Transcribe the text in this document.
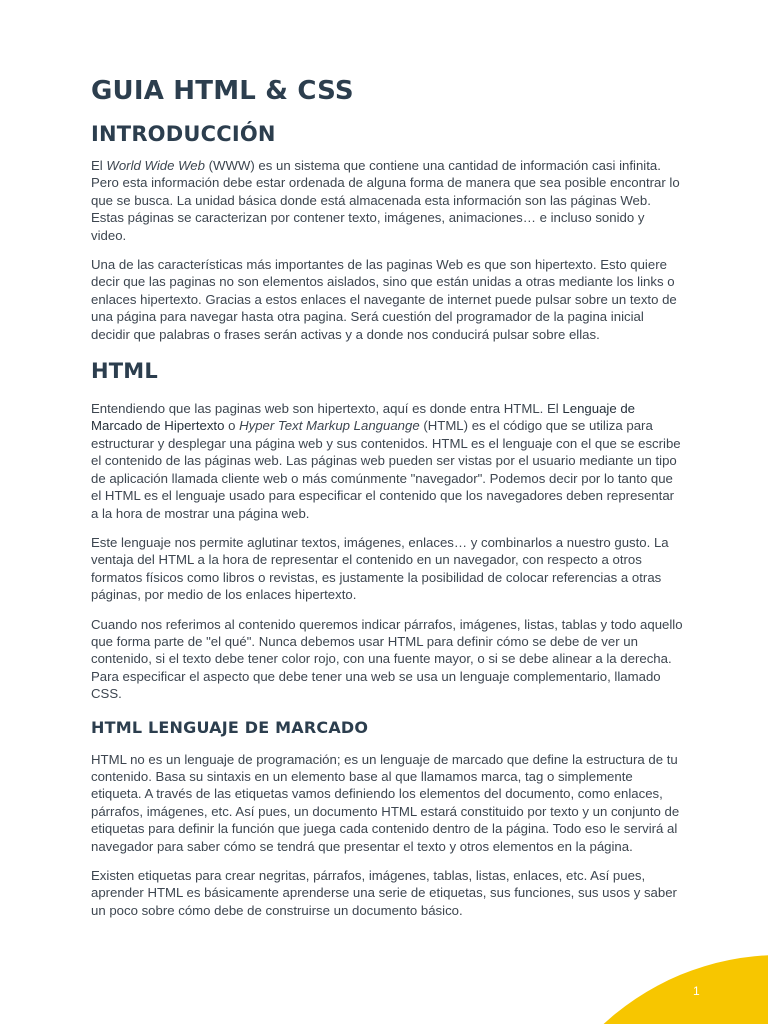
GUIA HTML & CSS
INTRODUCCIÓN

El World Wide Web (WWW) es un sistema que contiene una cantidad de información casi infinita. Pero esta información debe estar ordenada de alguna forma de manera que sea posible encontrar lo que se busca. La unidad básica donde está almacenada esta información son las páginas Web. Estas páginas se caracterizan por contener texto, imágenes, animaciones… e incluso sonido y video.

Una de las características más importantes de las paginas Web es que son hipertexto. Esto quiere decir que las paginas no son elementos aislados, sino que están unidas a otras mediante los links o enlaces hipertexto. Gracias a estos enlaces el navegante de internet puede pulsar sobre un texto de una página para navegar hasta otra pagina. Será cuestión del programador de la pagina inicial decidir que palabras o frases serán activas y a donde nos conducirá pulsar sobre ellas.

HTML

Entendiendo que las paginas web son hipertexto, aquí es donde entra HTML. El Lenguaje de Marcado de Hipertexto o Hyper Text Markup Languange (HTML) es el código que se utiliza para estructurar y desplegar una página web y sus contenidos. HTML es el lenguaje con el que se escribe el contenido de las páginas web. Las páginas web pueden ser vistas por el usuario mediante un tipo de aplicación llamada cliente web o más comúnmente "navegador". Podemos decir por lo tanto que el HTML es el lenguaje usado para especificar el contenido que los navegadores deben representar a la hora de mostrar una página web.

Este lenguaje nos permite aglutinar textos, imágenes, enlaces… y combinarlos a nuestro gusto. La ventaja del HTML a la hora de representar el contenido en un navegador, con respecto a otros formatos físicos como libros o revistas, es justamente la posibilidad de colocar referencias a otras páginas, por medio de los enlaces hipertexto.

Cuando nos referimos al contenido queremos indicar párrafos, imágenes, listas, tablas y todo aquello que forma parte de "el qué". Nunca debemos usar HTML para definir cómo se debe de ver un contenido, si el texto debe tener color rojo, con una fuente mayor, o si se debe alinear a la derecha. Para especificar el aspecto que debe tener una web se usa un lenguaje complementario, llamado CSS.

HTML LENGUAJE DE MARCADO

HTML no es un lenguaje de programación; es un lenguaje de marcado que define la estructura de tu contenido. Basa su sintaxis en un elemento base al que llamamos marca, tag o simplemente etiqueta. A través de las etiquetas vamos definiendo los elementos del documento, como enlaces, párrafos, imágenes, etc. Así pues, un documento HTML estará constituido por texto y un conjunto de etiquetas para definir la función que juega cada contenido dentro de la página. Todo eso le servirá al navegador para saber cómo se tendrá que presentar el texto y otros elementos en la página.

Existen etiquetas para crear negritas, párrafos, imágenes, tablas, listas, enlaces, etc. Así pues, aprender HTML es básicamente aprenderse una serie de etiquetas, sus funciones, sus usos y saber un poco sobre cómo debe de construirse un documento básico.

1
